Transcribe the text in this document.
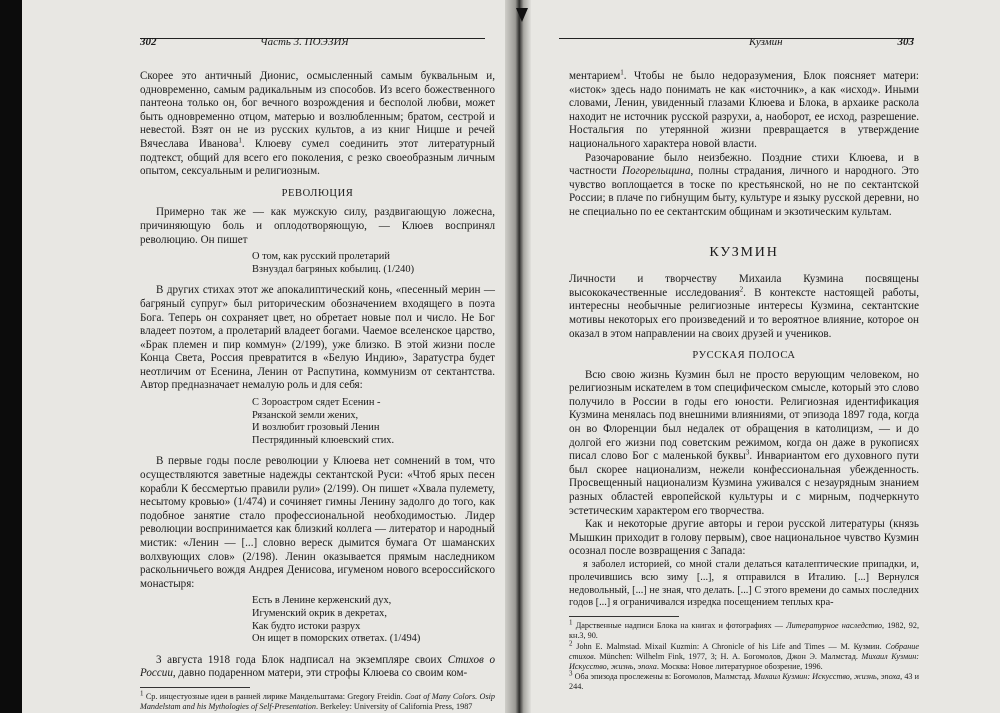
302	Часть 3. ПОЭЗИЯ

Скорее это античный Дионис, осмысленный самым буквальным и, одновременно, самым радикальным из способов. Из всего божественного пантеона только он, бог вечного возрождения и бесполой любви, может быть одновременно отцом, матерью и возлюбленным; братом, сестрой и невестой. Взят он не из русских культов, а из книг Ницше и речей Вячеслава Иванова$^1$. Клюеву сумел соединить этот литературный подтекст, общий для всего его поколения, с резко своеобразным личным опытом, сексуальным и религиозным.

РЕВОЛЮЦИЯ

Примерно так же — как мужскую силу, раздвигающую ложесна, причиняющую боль и оплодотворяющую, — Клюев воспринял революцию. Он пишет

О том, как русский пролетарий
Взнуздал багряных кобылиц. (1/240)

В других стихах этот же апокалиптический конь, «песенный мерин — багряный супруг» был риторическим обозначением входящего в поэта Бога. Теперь он сохраняет цвет, но обретает новые пол и число. Не Бог владеет поэтом, а пролетарий владеет богами. Чаемое вселенское царство, «Брак племен и пир коммун» (2/199), уже близко. В этой жизни после Конца Света, Россия превратится в «Белую Индию», Заратустра будет неотличим от Есенина, Ленин от Распутина, коммунизм от сектантства. Автор предназначает немалую роль и для себя:

С Зороастром сядет Есенин -
Рязанской земли жених,
И возлюбит грозовый Ленин
Пестрядинный клюевский стих.

В первые годы после революции у Клюева нет сомнений в том, что осуществляются заветные надежды сектантской Руси: «Чтоб ярых песен корабли К бессмертью правили рули» (2/199). Он пишет «Хвала пулемету, несытому кровью» (1/474) и сочиняет гимны Ленину задолго до того, как подобное занятие стало профессиональной необходимостью. Лидер революции воспринимается как близкий коллега — литератор и народный мистик: «Ленин — [...] словно вереск дымится бумага От шаманских волхвующих слов» (2/198). Ленин оказывается прямым наследником раскольничьего вождя Андрея Денисова, игуменом нового всероссийского монастыря:

Есть в Ленине керженский дух,
Игуменский окрик в декретах,
Как будто истоки разрух
Он ищет в поморских ответах. (1/494)

3 августа 1918 года Блок надписал на экземпляре своих Стихов о России, давно подаренном матери, эти строфы Клюева со своим ком-

1 Ср. инцестуозные идеи в ранней лирике Мандельштама: Gregory Freidin. Coat of Many Colors. Osip Mandelstam and his Mythologies of Self-Presentation. Berkeley: University of California Press, 1987
Кузмин	303

ментарием$^1$. Чтобы не было недоразумения, Блок поясняет матери: «исток» здесь надо понимать не как «источник», а как «исход». Иными словами, Ленин, увиденный глазами Клюева и Блока, в архаике раскола находит не источник русской разрухи, а, наоборот, ее исход, разрешение. Ностальгия по утерянной жизни превращается в утверждение национального характера новой власти.

Разочарование было неизбежно. Поздние стихи Клюева, и в частности Погорельщина, полны страдания, личного и народного. Это чувство воплощается в тоске по крестьянской, но не по сектантской России; в плаче по гибнущим быту, культуре и языку русской деревни, но не специально по ее сектантским общинам и экзотическим культам.

КУЗМИН

Личности и творчеству Михаила Кузмина посвящены высококачественные исследования$^2$. В контексте настоящей работы, интересны необычные религиозные интересы Кузмина, сектантские мотивы некоторых его произведений и то вероятное влияние, которое он оказал в этом направлении на своих друзей и учеников.

РУССКАЯ ПОЛОСА

Всю свою жизнь Кузмин был не просто верующим человеком, но религиозным искателем в том специфическом смысле, который это слово получило в России в годы его юности. Религиозная идентификация Кузмина менялась под внешними влияниями, от эпизода 1897 года, когда он во Флоренции был недалек от обращения в католицизм, — и до долгой его жизни под советским режимом, когда он даже в рукописях писал слово Бог с маленькой буквы$^3$. Инвариантом его духовного пути был скорее национализм, нежели конфессиональная убежденность. Просвещенный национализм Кузмина уживался с незаурядным знанием разных областей европейской культуры и с мирным, подчеркнуто эстетическим характером его творчества.

Как и некоторые другие авторы и герои русской литературы (князь Мышкин приходит в голову первым), свое национальное чувство Кузмин осознал после возвращения с Запада:

я заболел историей, со мной стали делаться каталептические припадки, и, пролечившись всю зиму [...], я отправился в Италию. [...] Вернулся недовольный, [...] не зная, что делать. [...] С этого времени до самых последних годов [...] я ограничивался изредка посещением теплых кра-

1 Дарственные надписи Блока на книгах и фотографиях — Литературное наследство, 1982, 92, кн.3, 90.
2 John E. Malmstad. Mixail Kuzmin: A Chronicle of his Life and Times — M. Кузмин. Собрание стихов. München: Wilhelm Fink, 1977, 3; Н. А. Богомолов, Джон Э. Малмстад. Михаил Кузмин: Искусство, жизнь, эпоха. Москва: Новое литературное обозрение, 1996.
3 Оба эпизода прослежены в: Богомолов, Малмстад. Михаил Кузмин: Искусство, жизнь, эпоха, 43 и 244.
